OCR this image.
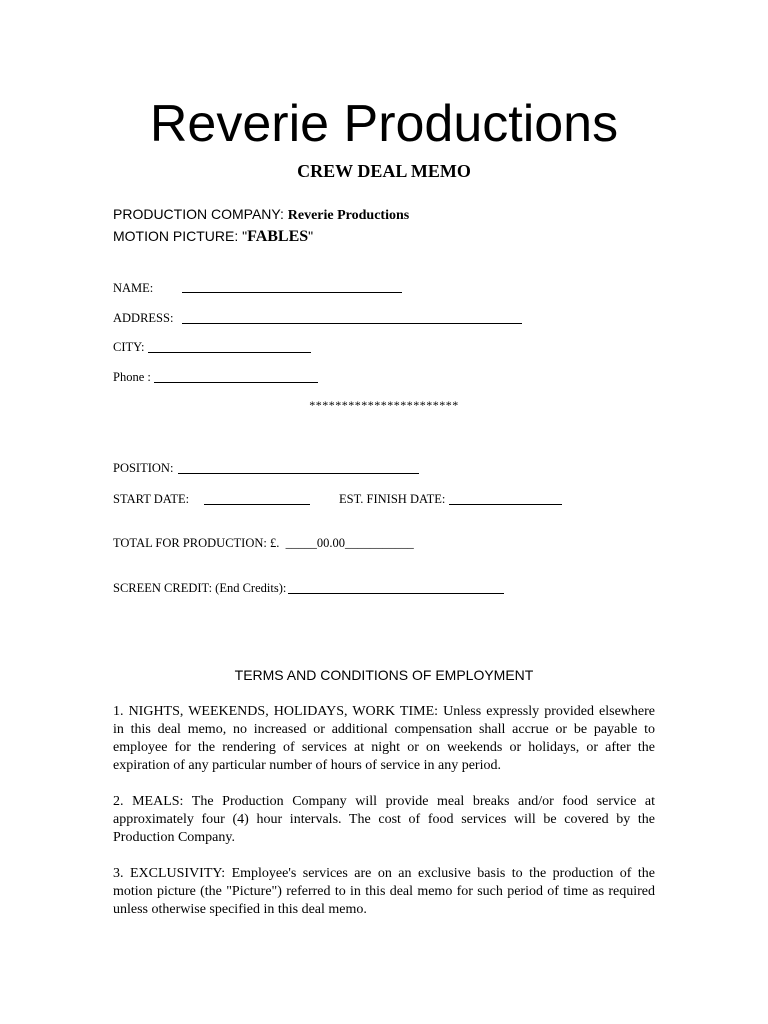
Reverie Productions
CREW DEAL MEMO
PRODUCTION COMPANY: Reverie Productions
MOTION PICTURE: "FABLES"
NAME:
ADDRESS:
CITY:
Phone :
***********************
POSITION:
START DATE:	EST. FINISH DATE:
TOTAL FOR PRODUCTION: £. _____00.00___________
SCREEN CREDIT: (End Credits):
TERMS AND CONDITIONS OF EMPLOYMENT
1. NIGHTS, WEEKENDS, HOLIDAYS, WORK TIME: Unless expressly provided elsewhere in this deal memo, no increased or additional compensation shall accrue or be payable to employee for the rendering of services at night or on weekends or holidays, or after the expiration of any particular number of hours of service in any period.
2. MEALS: The Production Company will provide meal breaks and/or food service at approximately four (4) hour intervals. The cost of food services will be covered by the Production Company.
3. EXCLUSIVITY: Employee's services are on an exclusive basis to the production of the motion picture (the "Picture") referred to in this deal memo for such period of time as required unless otherwise specified in this deal memo.
